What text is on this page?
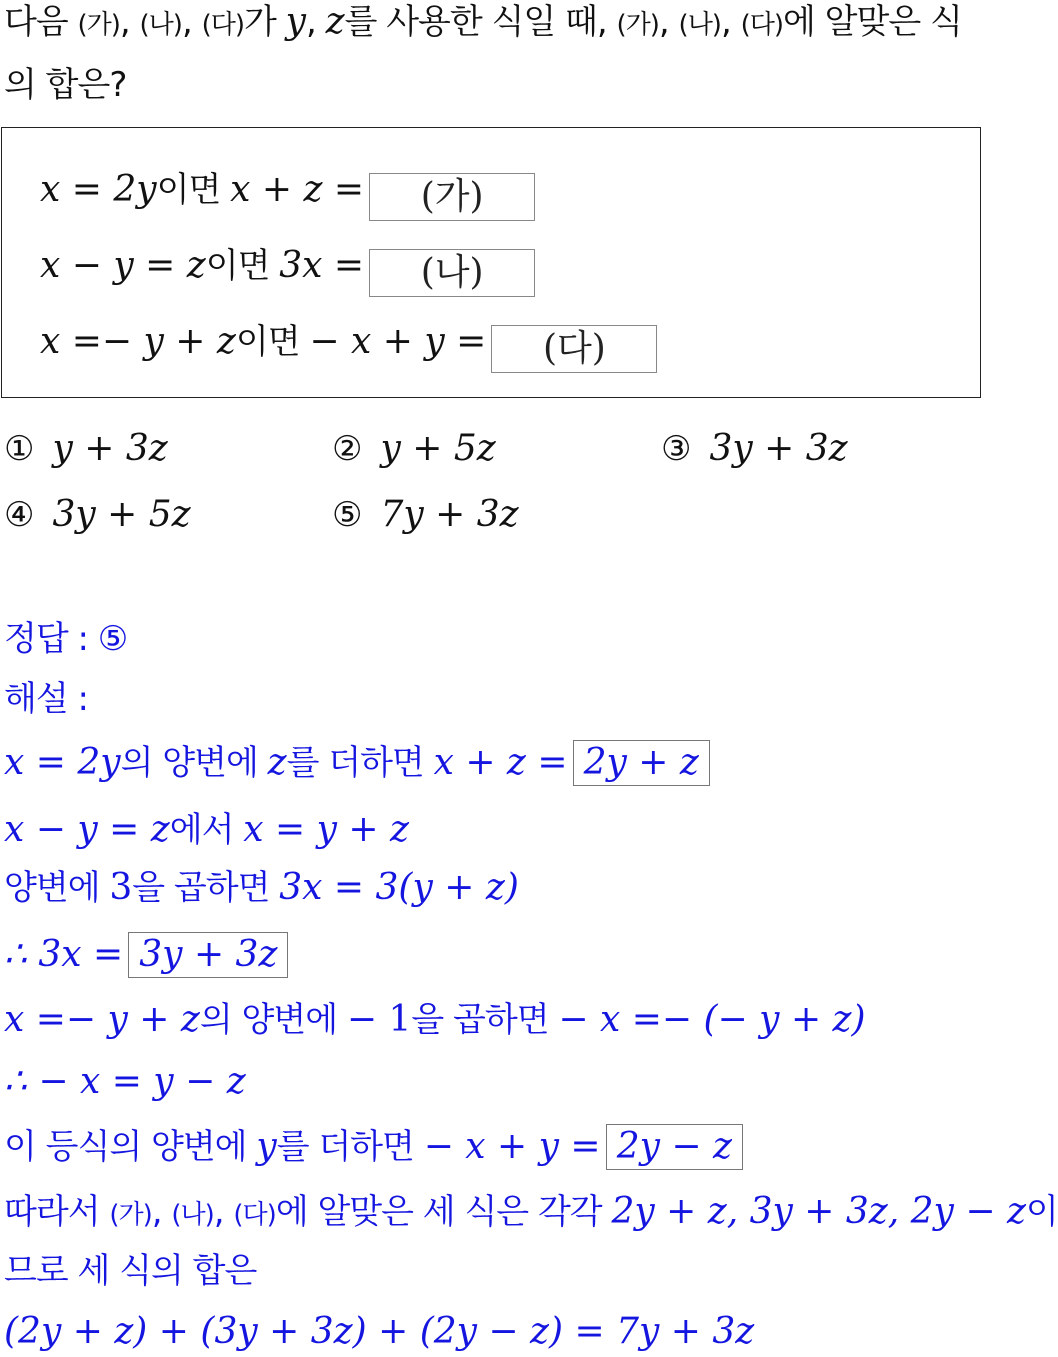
다음 (가), (나), (다)가 y, z를 사용한 식일 때, (가), (나), (다)에 알맞은 식
의 합은?
x = 2y이면 x + z = (가)
x − y = z이면 3x = (나)
x =− y + z이면 − x + y = (다)
① y + 3z	② y + 5z	③ 3y + 3z
④ 3y + 5z	⑤ 7y + 3z
정답 : ⑤
해설 :
x = 2y의 양변에 z를 더하면 x + z = 2y + z
x − y = z에서 x = y + z
양변에 3을 곱하면 3x = 3(y + z)
∴ 3x = 3y + 3z
x =− y + z의 양변에 − 1을 곱하면 − x =− (− y + z)
∴ − x = y − z
이 등식의 양변에 y를 더하면 − x + y = 2y − z
따라서 (가), (나), (다)에 알맞은 세 식은 각각 2y + z, 3y + 3z, 2y − z이
므로 세 식의 합은
(2y + z) + (3y + 3z) + (2y − z) = 7y + 3z
